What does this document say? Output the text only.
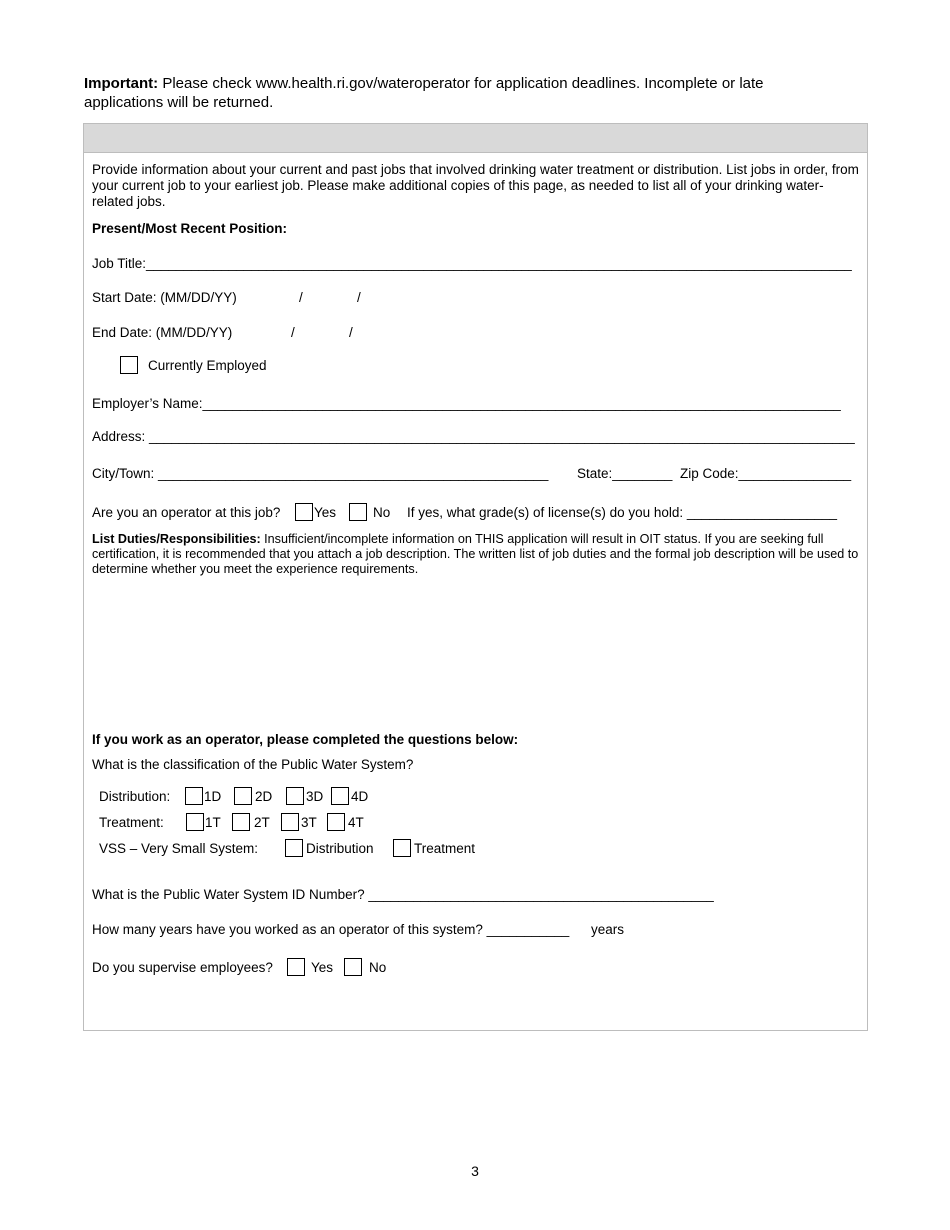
Important: Please check www.health.ri.gov/wateroperator for application deadlines. Incomplete or late applications will be returned.
Provide information about your current and past jobs that involved drinking water treatment or distribution. List jobs in order, from your current job to your earliest job. Please make additional copies of this page, as needed to list all of your drinking water-related jobs.
Present/Most Recent Position:
Job Title:______________________________________________________________________________________________
Start Date: (MM/DD/YY)	/	/
End Date: (MM/DD/YY)	/	/
Currently Employed
Employer’s Name:_____________________________________________________________________________________
Address: ______________________________________________________________________________________________
City/Town: ____________________________________________________ State:________ Zip Code:_______________
Are you an operator at this job? Yes	No If yes, what grade(s) of license(s) do you hold: ____________________
List Duties/Responsibilities: Insufficient/incomplete information on THIS application will result in OIT status. If you are seeking full certification, it is recommended that you attach a job description. The written list of job duties and the formal job description will be used to determine whether you meet the experience requirements.
If you work as an operator, please completed the questions below:
What is the classification of the Public Water System?
Distribution: 1D 2D 3D 4D
Treatment:	1T 2T 3T 4T
VSS – Very Small System:	Distribution	Treatment
What is the Public Water System ID Number? ______________________________________________
How many years have you worked as an operator of this system? ___________ years
Do you supervise employees?	Yes	No
3
